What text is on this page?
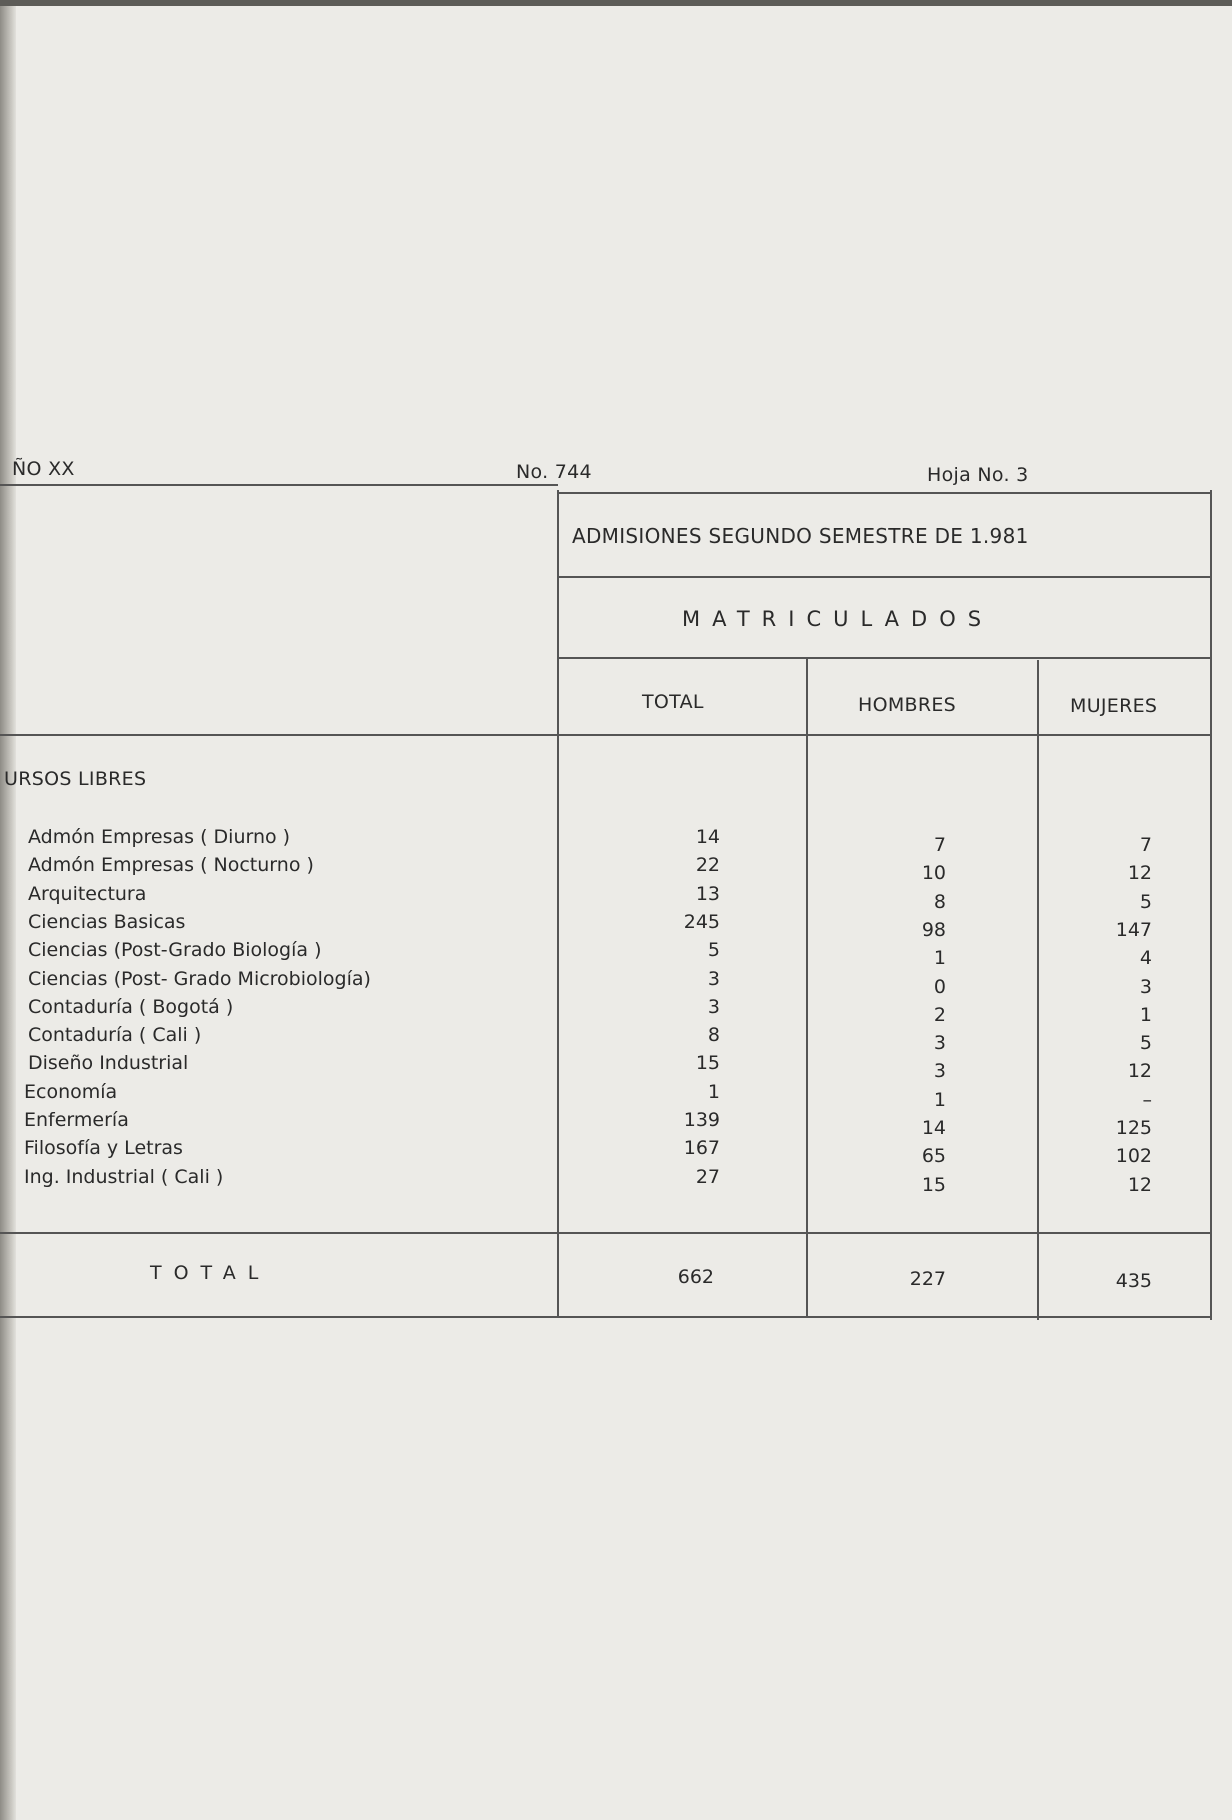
ÑO XX	No. 744	Hoja No. 3
ADMISIONES SEGUNDO SEMESTRE DE 1.981
MATRICULADOS
TOTAL	HOMBRES	MUJERES
URSOS LIBRES
Admón Empresas ( Diurno )	14	7	7
Admón Empresas ( Nocturno )	22	10	12
Arquitectura	13	8	5
Ciencias Basicas	245	98	147
Ciencias (Post-Grado Biología )	5	1	4
Ciencias (Post- Grado Microbiología)	3	0	3
Contaduría ( Bogotá )	3	2	1
Contaduría ( Cali )	8	3	5
Diseño Industrial	15	3	12
Economía	1	1	–
Enfermería	139	14	125
Filosofía y Letras	167	65	102
Ing. Industrial ( Cali )	27	15	12
TOTAL	662	227	435
